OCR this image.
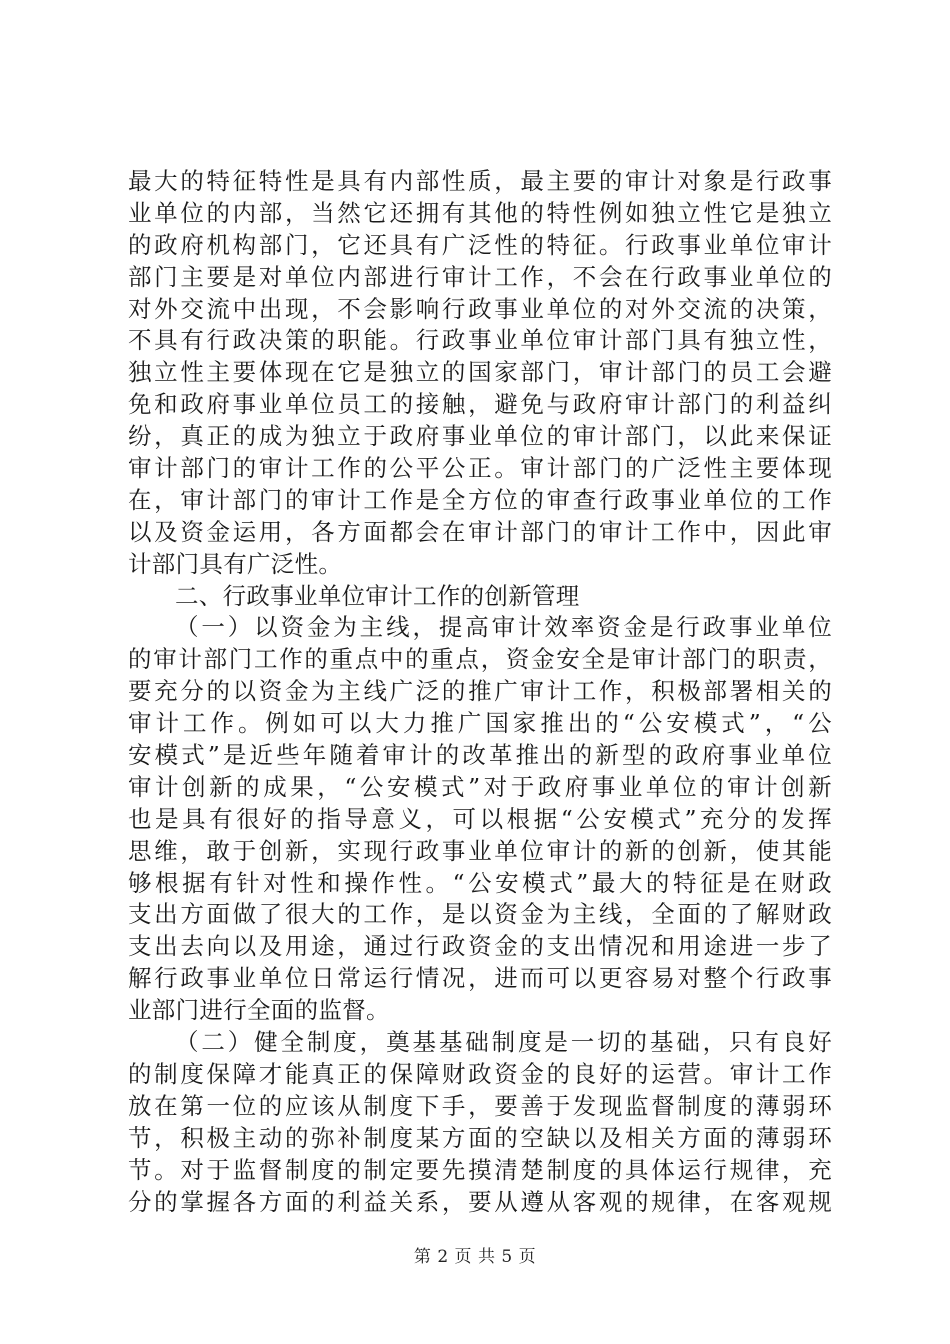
最大的特征特性是具有内部性质，最主要的审计对象是行政事
业单位的内部，当然它还拥有其他的特性例如独立性它是独立
的政府机构部门，它还具有广泛性的特征。行政事业单位审计
部门主要是对单位内部进行审计工作，不会在行政事业单位的
对外交流中出现，不会影响行政事业单位的对外交流的决策，
不具有行政决策的职能。行政事业单位审计部门具有独立性，
独立性主要体现在它是独立的国家部门，审计部门的员工会避
免和政府事业单位员工的接触，避免与政府审计部门的利益纠
纷，真正的成为独立于政府事业单位的审计部门，以此来保证
审计部门的审计工作的公平公正。审计部门的广泛性主要体现
在，审计部门的审计工作是全方位的审查行政事业单位的工作
以及资金运用，各方面都会在审计部门的审计工作中，因此审
计部门具有广泛性。
二、行政事业单位审计工作的创新管理
（一）以资金为主线，提高审计效率资金是行政事业单位
的审计部门工作的重点中的重点，资金安全是审计部门的职责，
要充分的以资金为主线广泛的推广审计工作，积极部署相关的
审计工作。例如可以大力推广国家推出的“公安模式”，“公
安模式”是近些年随着审计的改革推出的新型的政府事业单位
审计创新的成果，“公安模式”对于政府事业单位的审计创新
也是具有很好的指导意义，可以根据“公安模式”充分的发挥
思维，敢于创新，实现行政事业单位审计的新的创新，使其能
够根据有针对性和操作性。“公安模式”最大的特征是在财政
支出方面做了很大的工作，是以资金为主线，全面的了解财政
支出去向以及用途，通过行政资金的支出情况和用途进一步了
解行政事业单位日常运行情况，进而可以更容易对整个行政事
业部门进行全面的监督。
（二）健全制度，奠基基础制度是一切的基础，只有良好
的制度保障才能真正的保障财政资金的良好的运营。审计工作
放在第一位的应该从制度下手，要善于发现监督制度的薄弱环
节，积极主动的弥补制度某方面的空缺以及相关方面的薄弱环
节。对于监督制度的制定要先摸清楚制度的具体运行规律，充
分的掌握各方面的利益关系，要从遵从客观的规律，在客观规
第 2 页 共 5 页
